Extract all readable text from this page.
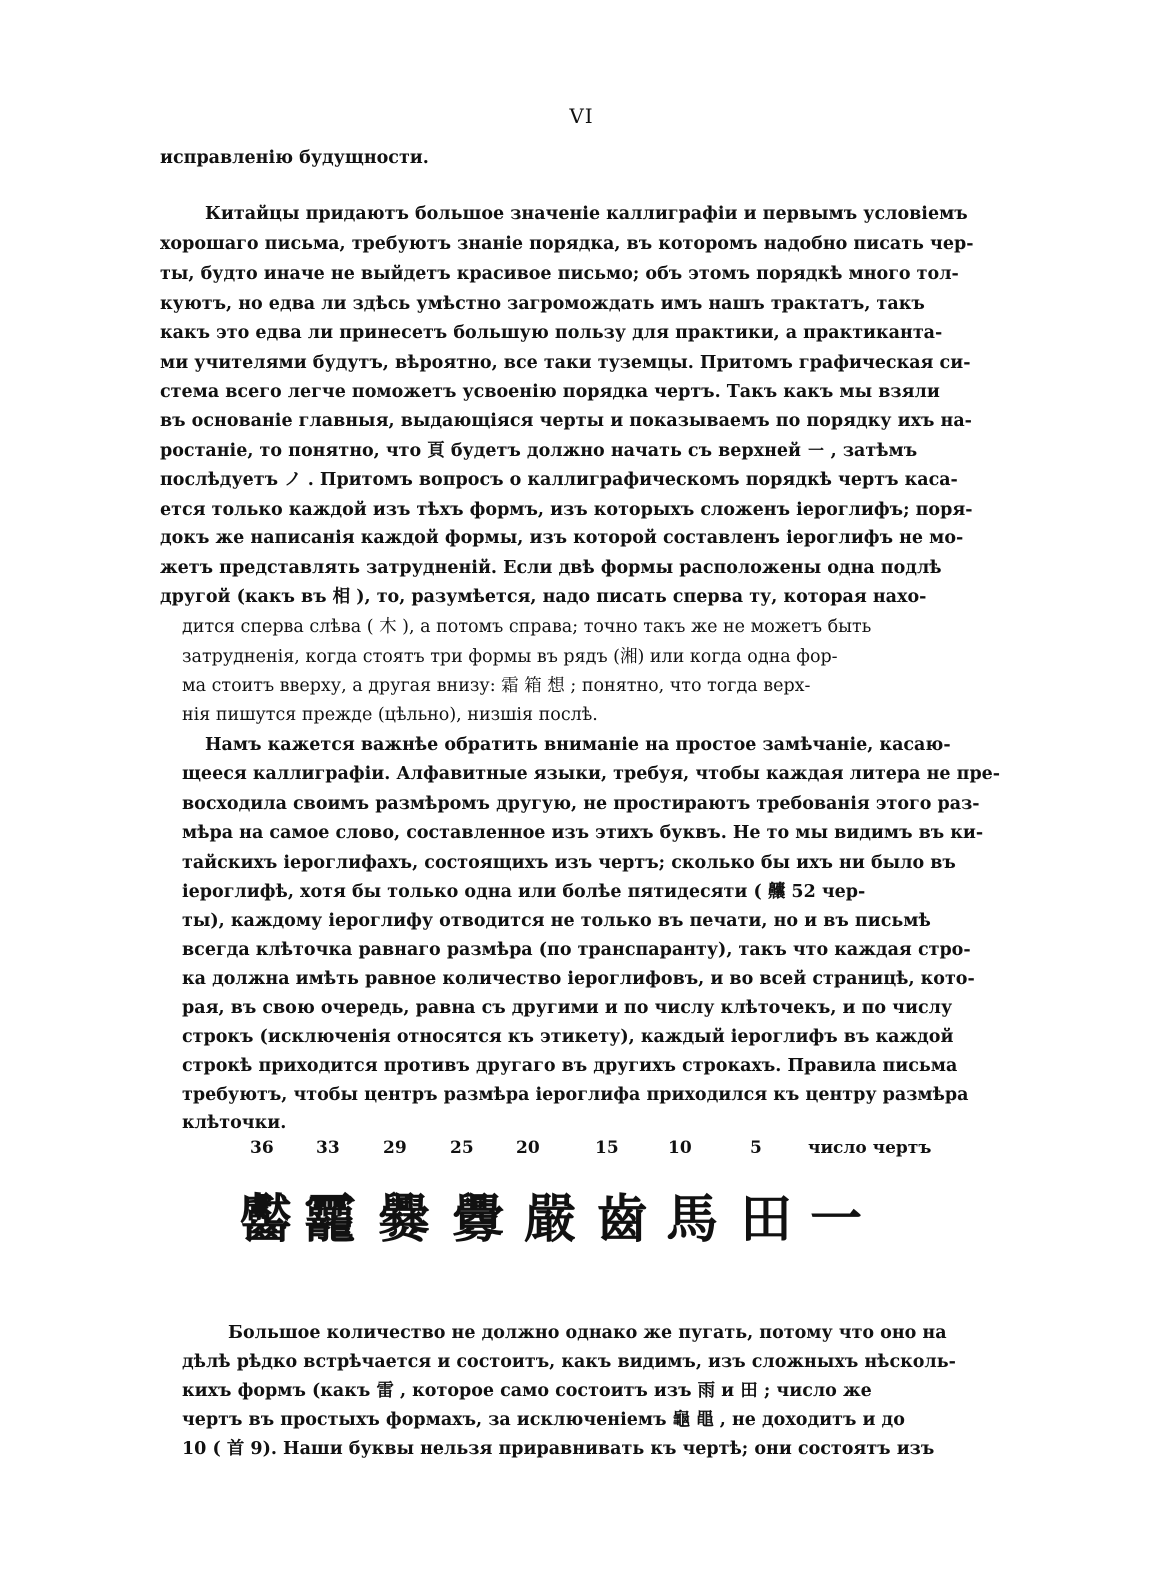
VI
исправленію будущности.
Китайцы придаютъ большое значеніе каллиграфіи и первымъ условіемъ
хорошаго письма, требуютъ знаніе порядка, въ которомъ надобно писать чер-
ты, будто иначе не выйдетъ красивое письмо; объ этомъ порядкѣ много тол-
куютъ, но едва ли здѣсь умѣстно загромождать имъ нашъ трактатъ, такъ
какъ это едва ли принесетъ большую пользу для практики, а практиканта-
ми учителями будутъ, вѣроятно, все таки туземцы. Притомъ графическая си-
стема всего легче поможетъ усвоенію порядка чертъ. Такъ какъ мы взяли
въ основаніе главныя, выдающіяся черты и показываемъ по порядку ихъ на-
ростаніе, то понятно, что 頁 будетъ должно начать съ верхней ㇐ , затѣмъ
послѣдуетъ ノ . Притомъ вопросъ о каллиграфическомъ порядкѣ чертъ каса-
ется только каждой изъ тѣхъ формъ, изъ которыхъ сложенъ іероглифъ; поря-
докъ же написанія каждой формы, изъ которой составленъ іероглифъ не мо-
жетъ представлять затрудненій. Если двѣ формы расположены одна подлѣ
другой (какъ въ 相 ), то, разумѣется, надо писать сперва ту, которая нахо-
дится сперва слѣва ( 木 ), а потомъ справа; точно такъ же не можетъ быть
затрудненія, когда стоятъ три формы въ рядъ (湘) или когда одна фор-
ма стоитъ вверху, а другая внизу: 霜 箱 想 ; понятно, что тогда верх-
нія пишутся прежде (цѣльно), низшія послѣ.
Намъ кажется важнѣе обратить вниманіе на простое замѣчаніе, касаю-
щееся каллиграфіи. Алфавитные языки, требуя, чтобы каждая литера не пре-
восходила своимъ размѣромъ другую, не простираютъ требованія этого раз-
мѣра на самое слово, составленное изъ этихъ буквъ. Не то мы видимъ въ ки-
тайскихъ іероглифахъ, состоящихъ изъ чертъ; сколько бы ихъ ни было въ
іероглифѣ, хотя бы только одна или болѣе пятидесяти ( 齉 52 чер-
ты), каждому іероглифу отводится не только въ печати, но и въ письмѣ
всегда клѣточка равнаго размѣра (по транспаранту), такъ что каждая стро-
ка должна имѣть равное количество іероглифовъ, и во всей страницѣ, кото-
рая, въ свою очередь, равна съ другими и по числу клѣточекъ, и по числу
строкъ (исключенія относятся къ этикету), каждый іероглифъ въ каждой
строкѣ приходится противъ другаго въ другихъ строкахъ. Правила письма
требуютъ, чтобы центръ размѣра іероглифа приходился къ центру размѣра
клѣточки.
36 33	29	25 20	15	10	5	число чертъ
齾 龗 爨 釁 嚴 齒 馬 田 一
Большое количество не должно однако же пугать, потому что оно на
дѣлѣ рѣдко встрѣчается и состоитъ, какъ видимъ, изъ сложныхъ нѣсколь-
кихъ формъ (какъ 雷 , которое само состоитъ изъ 雨 и 田 ; число же
чертъ въ простыхъ формахъ, за исключеніемъ 龜 黽 , не доходитъ и до
10 ( 首 9). Наши буквы нельзя приравнивать къ чертѣ; они состоятъ изъ
